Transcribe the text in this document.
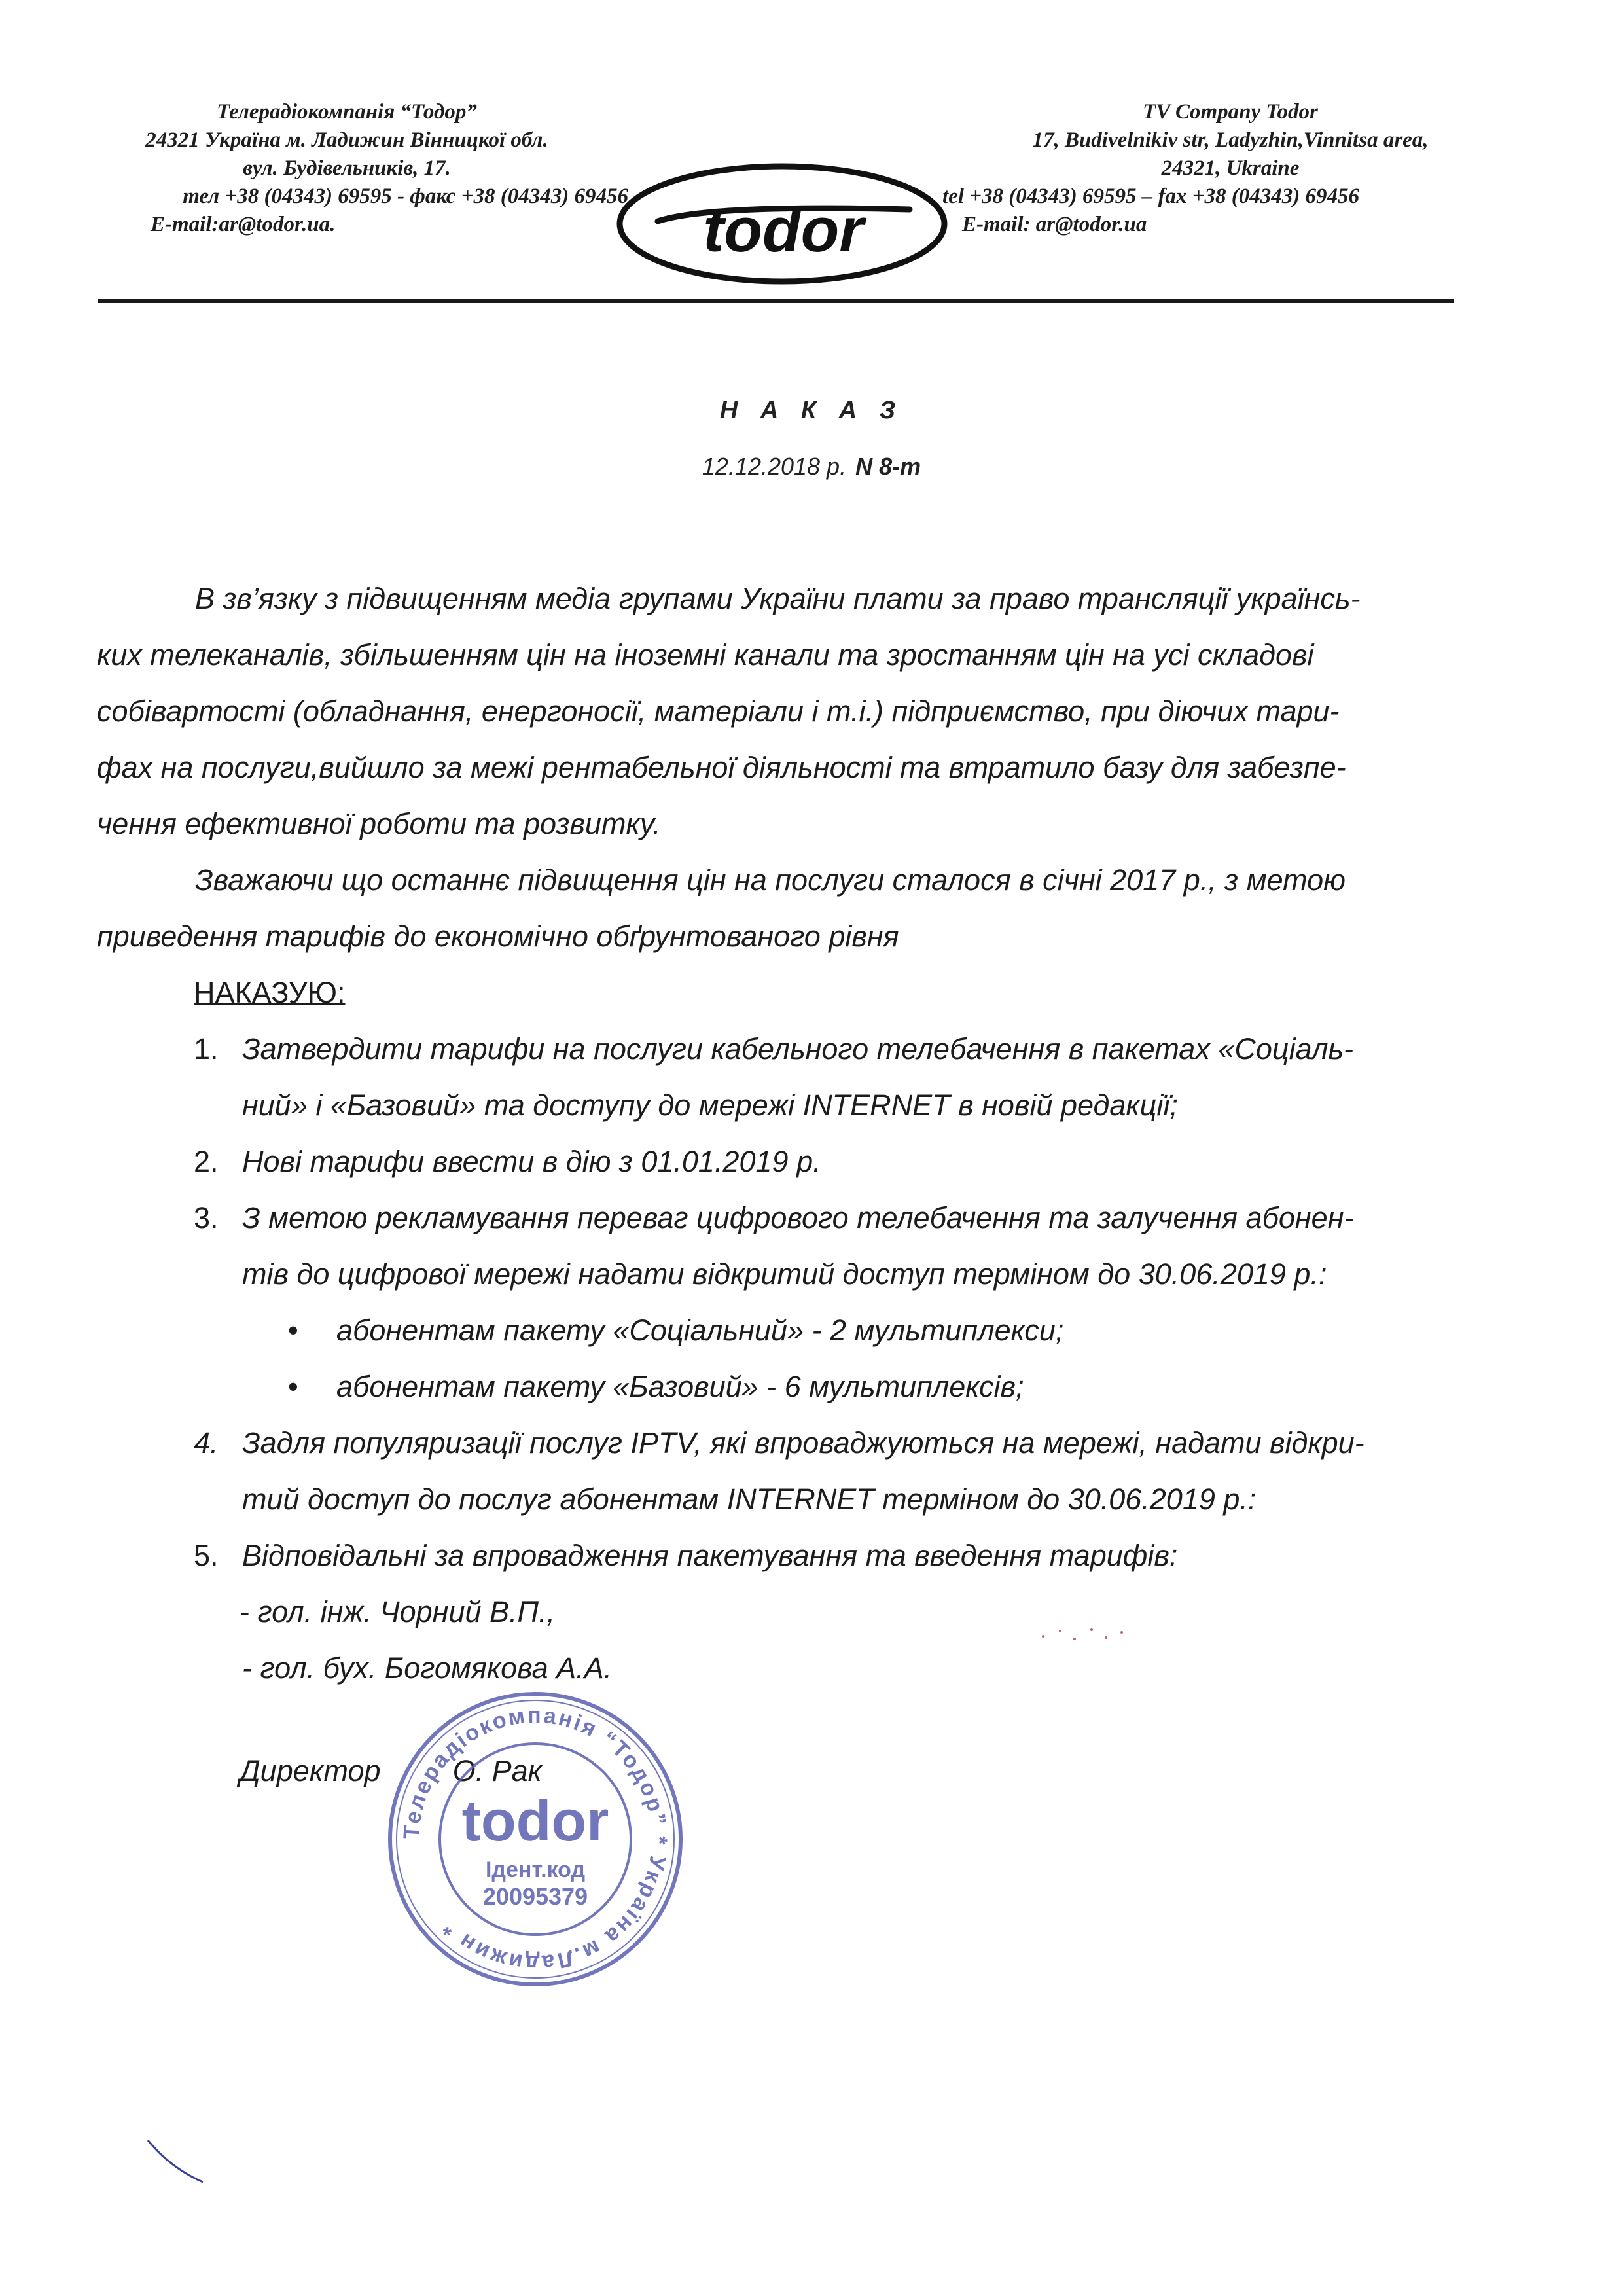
Телерадіокомпанія “Тодор”
24321 Україна м. Ладижин Вінницкої обл.
вул. Будівельників, 17.
тел +38 (04343) 69595 - факс +38 (04343) 69456
E-mail:ar@todor.ua.	todor
TV Company Todor
17, Budivelnikiv str, Ladyzhin,Vinnitsa area,
24321, Ukraine
tel +38 (04343) 69595 – fax +38 (04343) 69456
E-mail: ar@todor.ua
Н А К А З
12.12.2018 р. N 8-т
В зв’язку з підвищенням медіа групами України плати за право трансляції українсь-
ких телеканалів, збільшенням цін на іноземні канали та зростанням цін на усі складові
собівартості (обладнання, енергоносії, матеріали і т.і.) підприємство, при діючих тари-
фах на послуги,вийшло за межі рентабельної діяльності та втратило базу для забезпе-
чення ефективної роботи та розвитку.
Зважаючи що останнє підвищення цін на послуги сталося в січні 2017 р., з метою
приведення тарифів до економічно обґрунтованого рівня
НАКАЗУЮ:
1. Затвердити тарифи на послуги кабельного телебачення в пакетах «Соціаль-
ний» і «Базовий» та доступу до мережі INTERNET в новій редакції;
2. Нові тарифи ввести в дію з 01.01.2019 р.
3. З метою рекламування переваг цифрового телебачення та залучення абонен-
тів до цифрової мережі надати відкритий доступ терміном до 30.06.2019 р.:
• абонентам пакету «Соціальний» - 2 мультиплекси;
• абонентам пакету «Базовий» - 6 мультиплексів;
4. Задля популяризації послуг IPTV, які впроваджуються на мережі, надати відкри-
тий доступ до послуг абонентам INTERNET терміном до 30.06.2019 р.:
5. Відповідальні за впровадження пакетування та введення тарифів:
- гол. інж. Чорний В.П.,
- гол. бух. Богомякова А.А.
Директор О. Рак
Телерадіокомпанія “Тодор” * Україна м.Ладижин *
todor
Ідент.код
20095379
